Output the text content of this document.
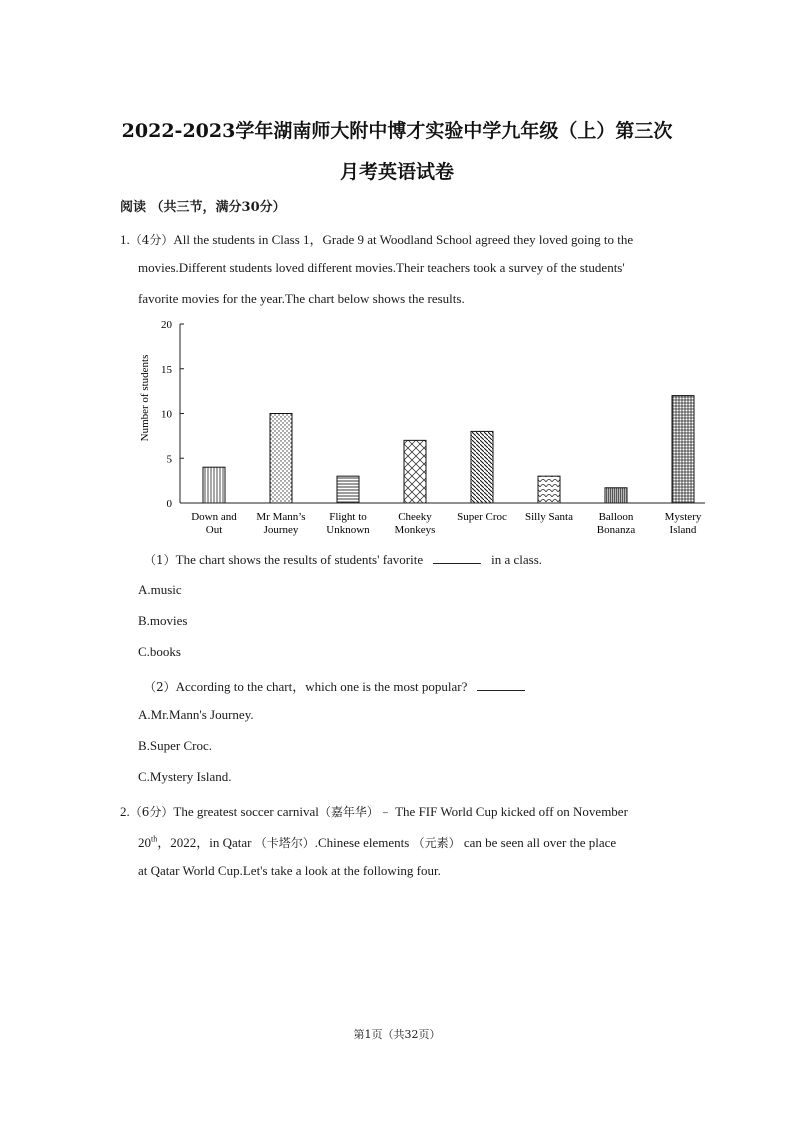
2022-2023学年湖南师大附中博才实验中学九年级（上）第三次
月考英语试卷
阅读 （共三节，满分30分）
1.（4分）All the students in Class 1，Grade 9 at Woodland School agreed they loved going to the
movies.Different students loved different movies.Their teachers took a survey of the students'
favorite movies for the year.The chart below shows the results.
Number of students
0
5
10
15
20
Down and
Out
Mr Mann’s
Journey
Flight to
Unknown
Cheeky
Monkeys
Super Croc Silly Santa Balloon
Bonanza
Mystery
Island
（1）The chart shows the results of students' favorite	in a class.
A.music
B.movies
C.books
（2）According to the chart，which one is the most popular?
A.Mr.Mann's Journey.
B.Super Croc.
C.Mystery Island.
2.（6分）The greatest soccer carnival（嘉年华）﹣ The FIF World Cup kicked off on November
20th，2022，in Qatar （卡塔尔）.Chinese elements （元素） can be seen all over the place
at Qatar World Cup.Let's take a look at the following four.
第1页（共32页）
